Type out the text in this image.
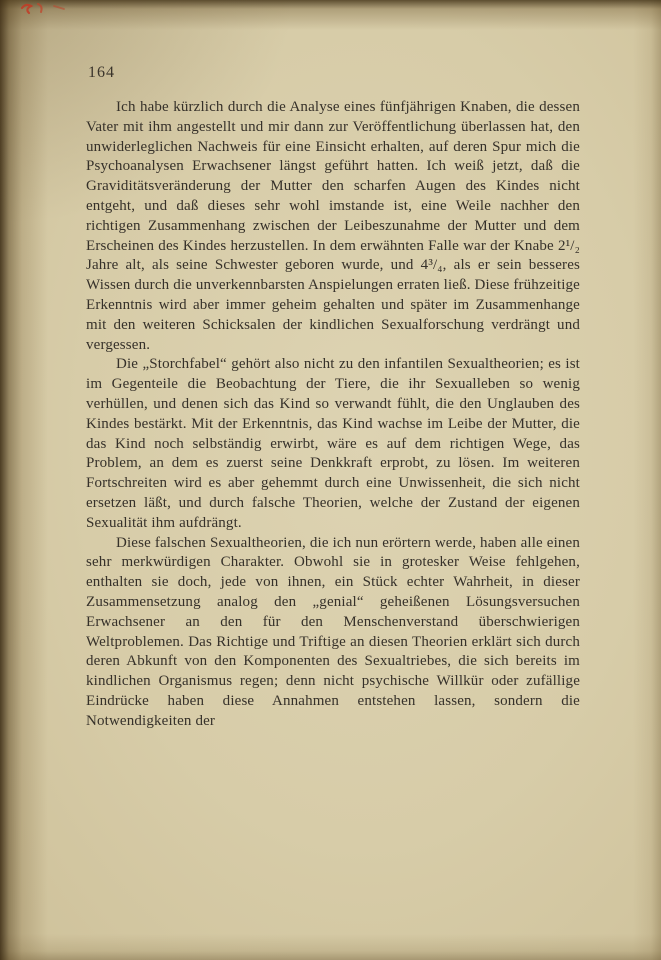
164

Ich habe kürzlich durch die Analyse eines fünfjährigen Knaben, die dessen Vater mit ihm angestellt und mir dann zur Veröffentlichung überlassen hat, den unwiderleglichen Nachweis für eine Einsicht erhalten, auf deren Spur mich die Psychoanalysen Erwachsener längst geführt hatten. Ich weiß jetzt, daß die Graviditätsveränderung der Mutter den scharfen Augen des Kindes nicht entgeht, und daß dieses sehr wohl imstande ist, eine Weile nachher den richtigen Zusammenhang zwischen der Leibeszunahme der Mutter und dem Erscheinen des Kindes herzustellen. In dem erwähnten Falle war der Knabe 2¹/₂ Jahre alt, als seine Schwester geboren wurde, und 4³/₄, als er sein besseres Wissen durch die unverkennbarsten Anspielungen erraten ließ. Diese frühzeitige Erkenntnis wird aber immer geheim gehalten und später im Zusammenhange mit den weiteren Schicksalen der kindlichen Sexualforschung verdrängt und vergessen.

Die „Storchfabel“ gehört also nicht zu den infantilen Sexualtheorien; es ist im Gegenteile die Beobachtung der Tiere, die ihr Sexualleben so wenig verhüllen, und denen sich das Kind so verwandt fühlt, die den Unglauben des Kindes bestärkt. Mit der Erkenntnis, das Kind wachse im Leibe der Mutter, die das Kind noch selbständig erwirbt, wäre es auf dem richtigen Wege, das Problem, an dem es zuerst seine Denkkraft erprobt, zu lösen. Im weiteren Fortschreiten wird es aber gehemmt durch eine Unwissenheit, die sich nicht ersetzen läßt, und durch falsche Theorien, welche der Zustand der eigenen Sexualität ihm aufdrängt.

Diese falschen Sexualtheorien, die ich nun erörtern werde, haben alle einen sehr merkwürdigen Charakter. Obwohl sie in grotesker Weise fehlgehen, enthalten sie doch, jede von ihnen, ein Stück echter Wahrheit, in dieser Zusammensetzung analog den „genial“ geheißenen Lösungsversuchen Erwachsener an den für den Menschenverstand überschwierigen Weltproblemen. Das Richtige und Triftige an diesen Theorien erklärt sich durch deren Abkunft von den Komponenten des Sexualtriebes, die sich bereits im kindlichen Organismus regen; denn nicht psychische Willkür oder zufällige Eindrücke haben diese Annahmen entstehen lassen, sondern die Notwendigkeiten der
